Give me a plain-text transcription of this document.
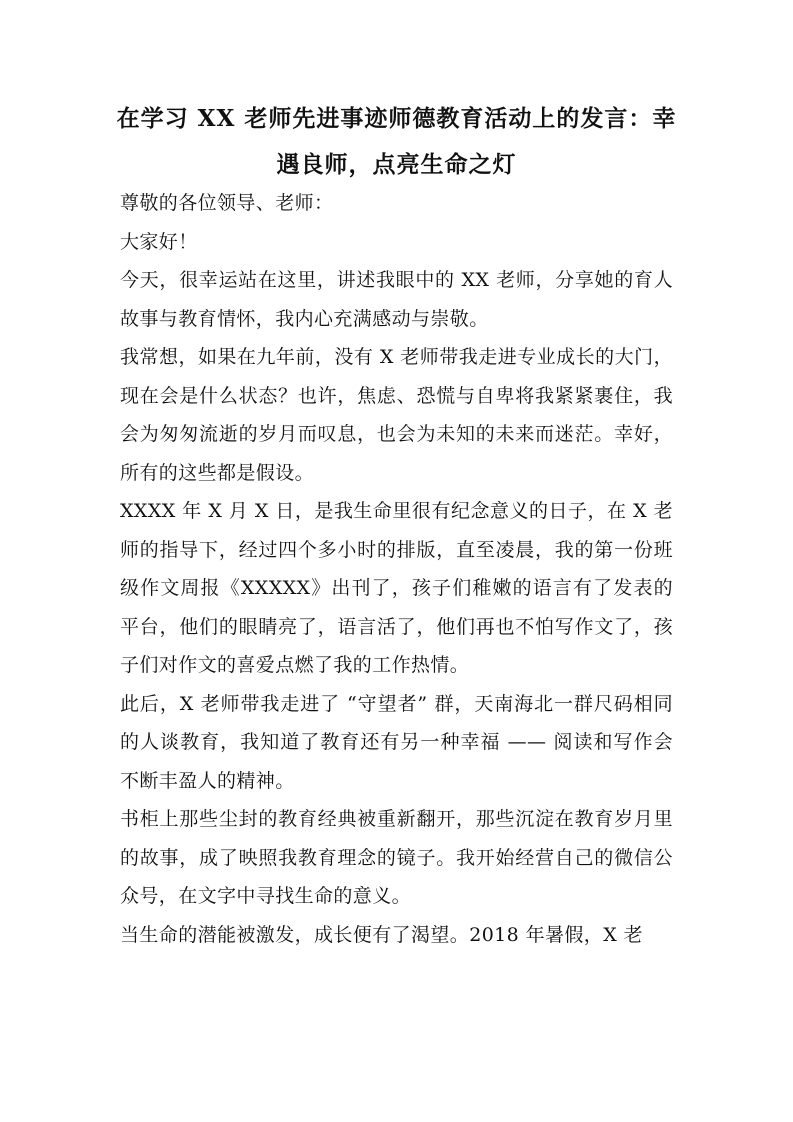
在学习 XX 老师先进事迹师德教育活动上的发言：幸遇良师，点亮生命之灯

尊敬的各位领导、老师：

大家好！

今天，很幸运站在这里，讲述我眼中的 XX 老师，分享她的育人故事与教育情怀，我内心充满感动与崇敬。

我常想，如果在九年前，没有 X 老师带我走进专业成长的大门，现在会是什么状态？也许，焦虑、恐慌与自卑将我紧紧裹住，我会为匆匆流逝的岁月而叹息，也会为未知的未来而迷茫。幸好，所有的这些都是假设。

XXXX 年 X 月 X 日，是我生命里很有纪念意义的日子，在 X 老师的指导下，经过四个多小时的排版，直至凌晨，我的第一份班级作文周报《XXXXX》出刊了，孩子们稚嫩的语言有了发表的平台，他们的眼睛亮了，语言活了，他们再也不怕写作文了，孩子们对作文的喜爱点燃了我的工作热情。

此后，X 老师带我走进了 “守望者” 群，天南海北一群尺码相同的人谈教育，我知道了教育还有另一种幸福 —— 阅读和写作会不断丰盈人的精神。

书柜上那些尘封的教育经典被重新翻开，那些沉淀在教育岁月里的故事，成了映照我教育理念的镜子。我开始经营自己的微信公众号，在文字中寻找生命的意义。

当生命的潜能被激发，成长便有了渴望。2018 年暑假，X 老
